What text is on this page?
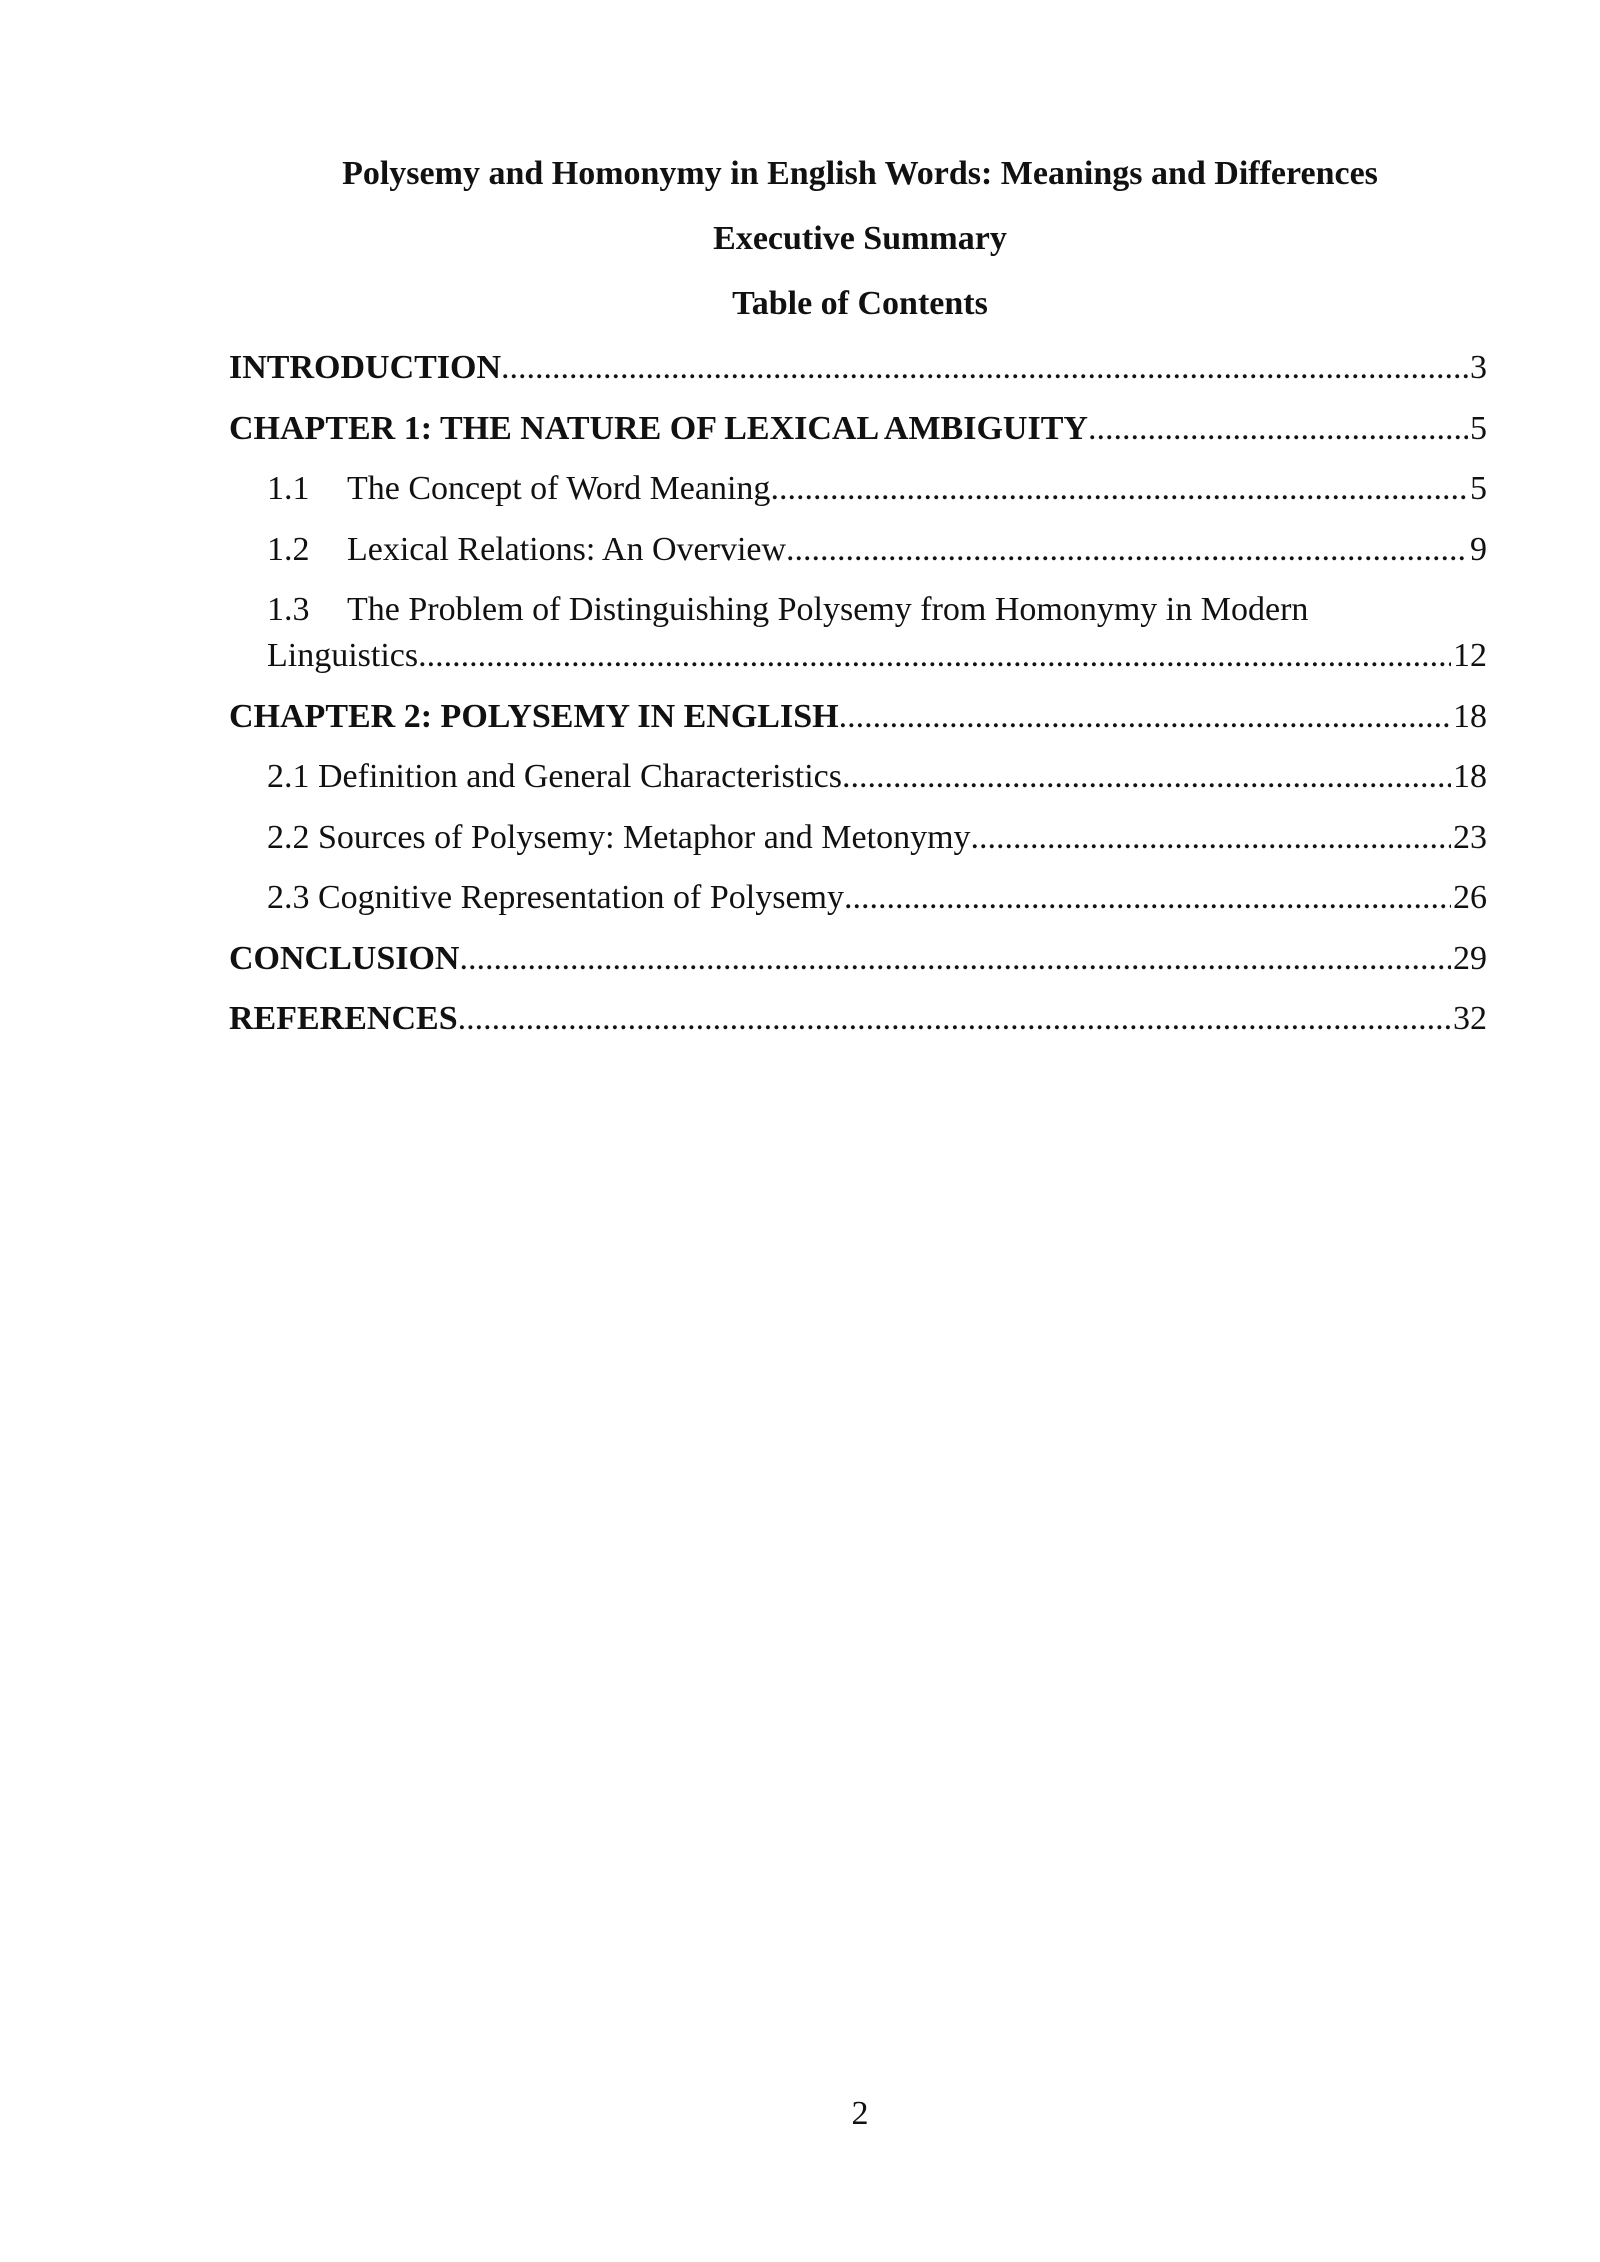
Polysemy and Homonymy in English Words: Meanings and Differences
Executive Summary
Table of Contents
INTRODUCTION .....	3
CHAPTER 1: THE NATURE OF LEXICAL AMBIGUITY .....	5
1.1	The Concept of Word Meaning .....	5
1.2	Lexical Relations: An Overview .....	9
1.3 The Problem of Distinguishing Polysemy from Homonymy in Modern
Linguistics .....	12
CHAPTER 2: POLYSEMY IN ENGLISH .....	18
2.1 Definition and General Characteristics .....	18
2.2 Sources of Polysemy: Metaphor and Metonymy .....	23
2.3 Cognitive Representation of Polysemy .....	26
CONCLUSION .....	29
REFERENCES .....	32
2
